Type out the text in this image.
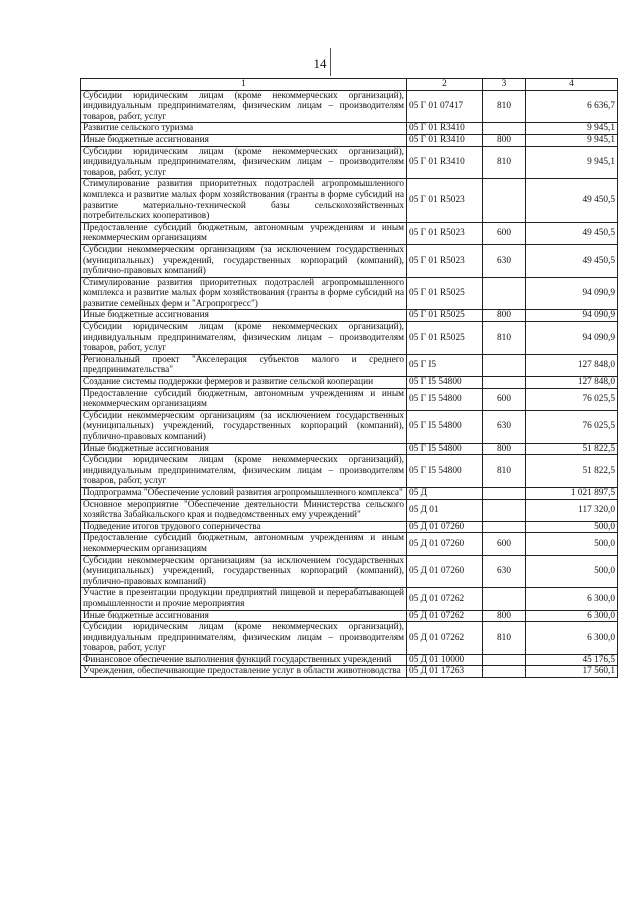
14
1	2	3	4
Субсидии юридическим лицам (кроме некоммерческих организаций), индивидуальным предпринимателям, физическим лицам – производителям товаров, работ, услуг	05 Г 01 07417	810	6 636,7
Развитие сельского туризма	05 Г 01 R3410		9 945,1
Иные бюджетные ассигнования	05 Г 01 R3410	800	9 945,1
Субсидии юридическим лицам (кроме некоммерческих организаций), индивидуальным предпринимателям, физическим лицам – производителям товаров, работ, услуг	05 Г 01 R3410	810	9 945,1
Стимулирование развития приоритетных подотраслей агропромышленного комплекса и развитие малых форм хозяйствования (гранты в форме субсидий на развитие материально-технической базы сельскохозяйственных потребительских кооперативов)	05 Г 01 R5023		49 450,5
Предоставление субсидий бюджетным, автономным учреждениям и иным некоммерческим организациям	05 Г 01 R5023	600	49 450,5
Субсидии некоммерческим организациям (за исключением государственных (муниципальных) учреждений, государственных корпораций (компаний), публично-правовых компаний)	05 Г 01 R5023	630	49 450,5
Стимулирование развития приоритетных подотраслей агропромышленного комплекса и развитие малых форм хозяйствования (гранты в форме субсидий на развитие семейных ферм и "Агропрогресс")	05 Г 01 R5025		94 090,9
Иные бюджетные ассигнования	05 Г 01 R5025	800	94 090,9
Субсидии юридическим лицам (кроме некоммерческих организаций), индивидуальным предпринимателям, физическим лицам – производителям товаров, работ, услуг	05 Г 01 R5025	810	94 090,9
Региональный проект "Акселерация субъектов малого и среднего предпринимательства"	05 Г I5		127 848,0
Создание системы поддержки фермеров и развитие сельской кооперации	05 Г I5 54800		127 848,0
Предоставление субсидий бюджетным, автономным учреждениям и иным некоммерческим организациям	05 Г I5 54800	600	76 025,5
Субсидии некоммерческим организациям (за исключением государственных (муниципальных) учреждений, государственных корпораций (компаний), публично-правовых компаний)	05 Г I5 54800	630	76 025,5
Иные бюджетные ассигнования	05 Г I5 54800	800	51 822,5
Субсидии юридическим лицам (кроме некоммерческих организаций), индивидуальным предпринимателям, физическим лицам – производителям товаров, работ, услуг	05 Г I5 54800	810	51 822,5
Подпрограмма "Обеспечение условий развития агропромышленного комплекса"	05 Д		1 021 897,5
Основное мероприятие "Обеспечение деятельности Министерства сельского хозяйства Забайкальского края и подведомственных ему учреждений"	05 Д 01		117 320,0
Подведение итогов трудового соперничества	05 Д 01 07260		500,0
Предоставление субсидий бюджетным, автономным учреждениям и иным некоммерческим организациям	05 Д 01 07260	600	500,0
Субсидии некоммерческим организациям (за исключением государственных (муниципальных) учреждений, государственных корпораций (компаний), публично-правовых компаний)	05 Д 01 07260	630	500,0
Участие в презентации продукции предприятий пищевой и перерабатывающей промышленности и прочие мероприятия	05 Д 01 07262		6 300,0
Иные бюджетные ассигнования	05 Д 01 07262	800	6 300,0
Субсидии юридическим лицам (кроме некоммерческих организаций), индивидуальным предпринимателям, физическим лицам – производителям товаров, работ, услуг	05 Д 01 07262	810	6 300,0
Финансовое обеспечение выполнения функций государственных учреждений	05 Д 01 10000		45 176,5
Учреждения, обеспечивающие предоставление услуг в области животноводства	05 Д 01 17263		17 560,1
